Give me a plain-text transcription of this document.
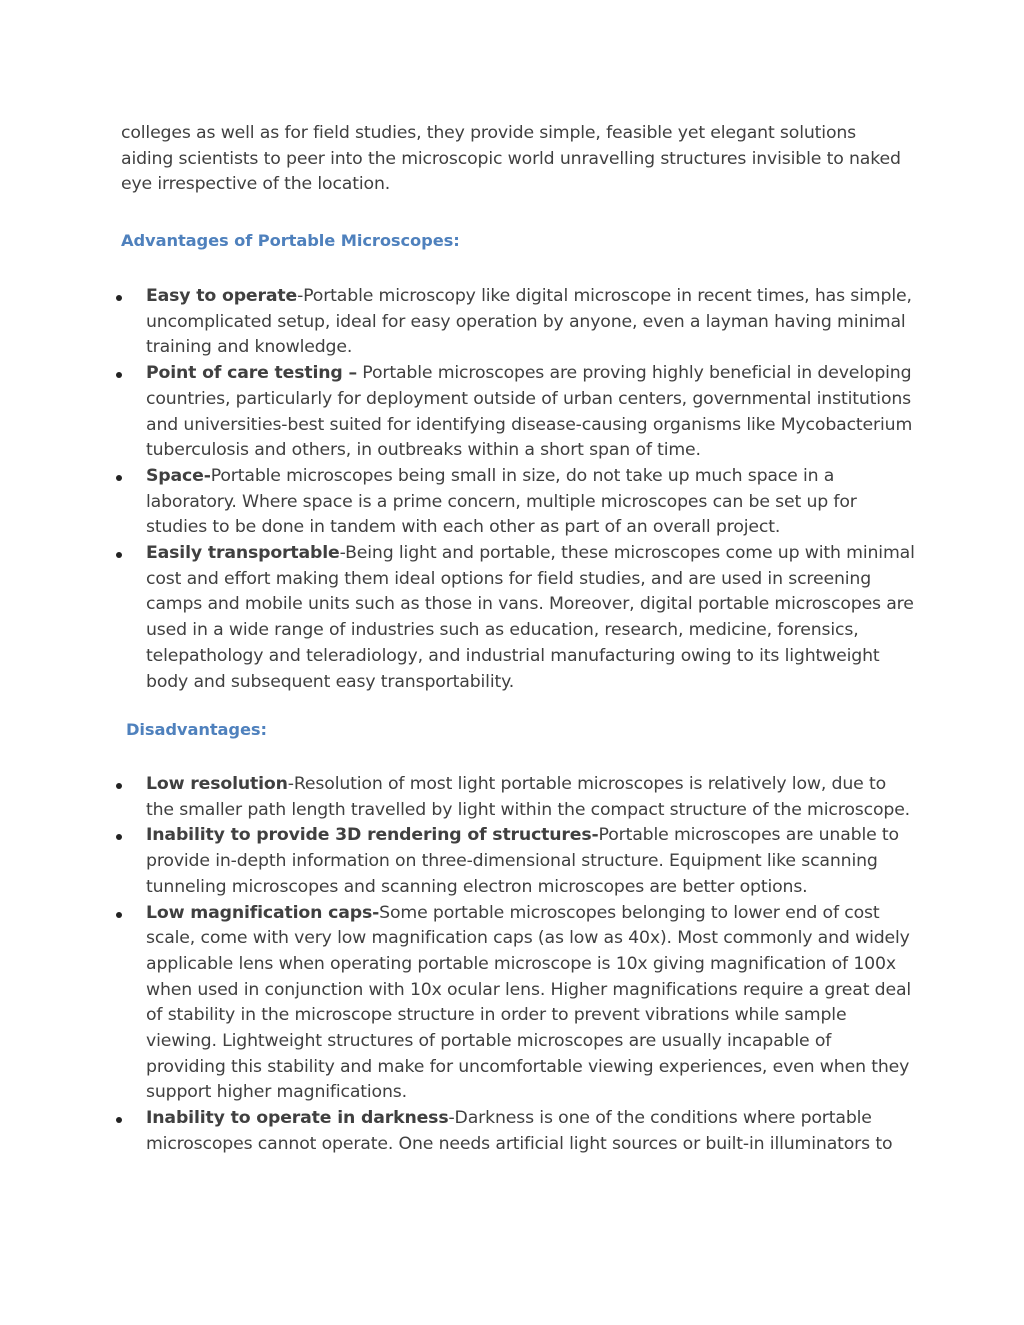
colleges as well as for field studies, they provide simple, feasible yet elegant solutions aiding scientists to peer into the microscopic world unravelling structures invisible to naked eye irrespective of the location.

Advantages of Portable Microscopes:
Easy to operate-Portable microscopy like digital microscope in recent times, has simple, uncomplicated setup, ideal for easy operation by anyone, even a layman having minimal training and knowledge.
Point of care testing – Portable microscopes are proving highly beneficial in developing countries, particularly for deployment outside of urban centers, governmental institutions and universities-best suited for identifying disease-causing organisms like Mycobacterium tuberculosis and others, in outbreaks within a short span of time.
Space-Portable microscopes being small in size, do not take up much space in a laboratory. Where space is a prime concern, multiple microscopes can be set up for studies to be done in tandem with each other as part of an overall project.
Easily transportable-Being light and portable, these microscopes come up with minimal cost and effort making them ideal options for field studies, and are used in screening camps and mobile units such as those in vans. Moreover, digital portable microscopes are used in a wide range of industries such as education, research, medicine, forensics, telepathology and teleradiology, and industrial manufacturing owing to its lightweight body and subsequent easy transportability.
Disadvantages:
Low resolution-Resolution of most light portable microscopes is relatively low, due to the smaller path length travelled by light within the compact structure of the microscope.
Inability to provide 3D rendering of structures-Portable microscopes are unable to provide in-depth information on three-dimensional structure. Equipment like scanning tunneling microscopes and scanning electron microscopes are better options.
Low magnification caps-Some portable microscopes belonging to lower end of cost scale, come with very low magnification caps (as low as 40x). Most commonly and widely applicable lens when operating portable microscope is 10x giving magnification of 100x when used in conjunction with 10x ocular lens. Higher magnifications require a great deal of stability in the microscope structure in order to prevent vibrations while sample viewing. Lightweight structures of portable microscopes are usually incapable of providing this stability and make for uncomfortable viewing experiences, even when they support higher magnifications.
Inability to operate in darkness-Darkness is one of the conditions where portable microscopes cannot operate. One needs artificial light sources or built-in illuminators to
